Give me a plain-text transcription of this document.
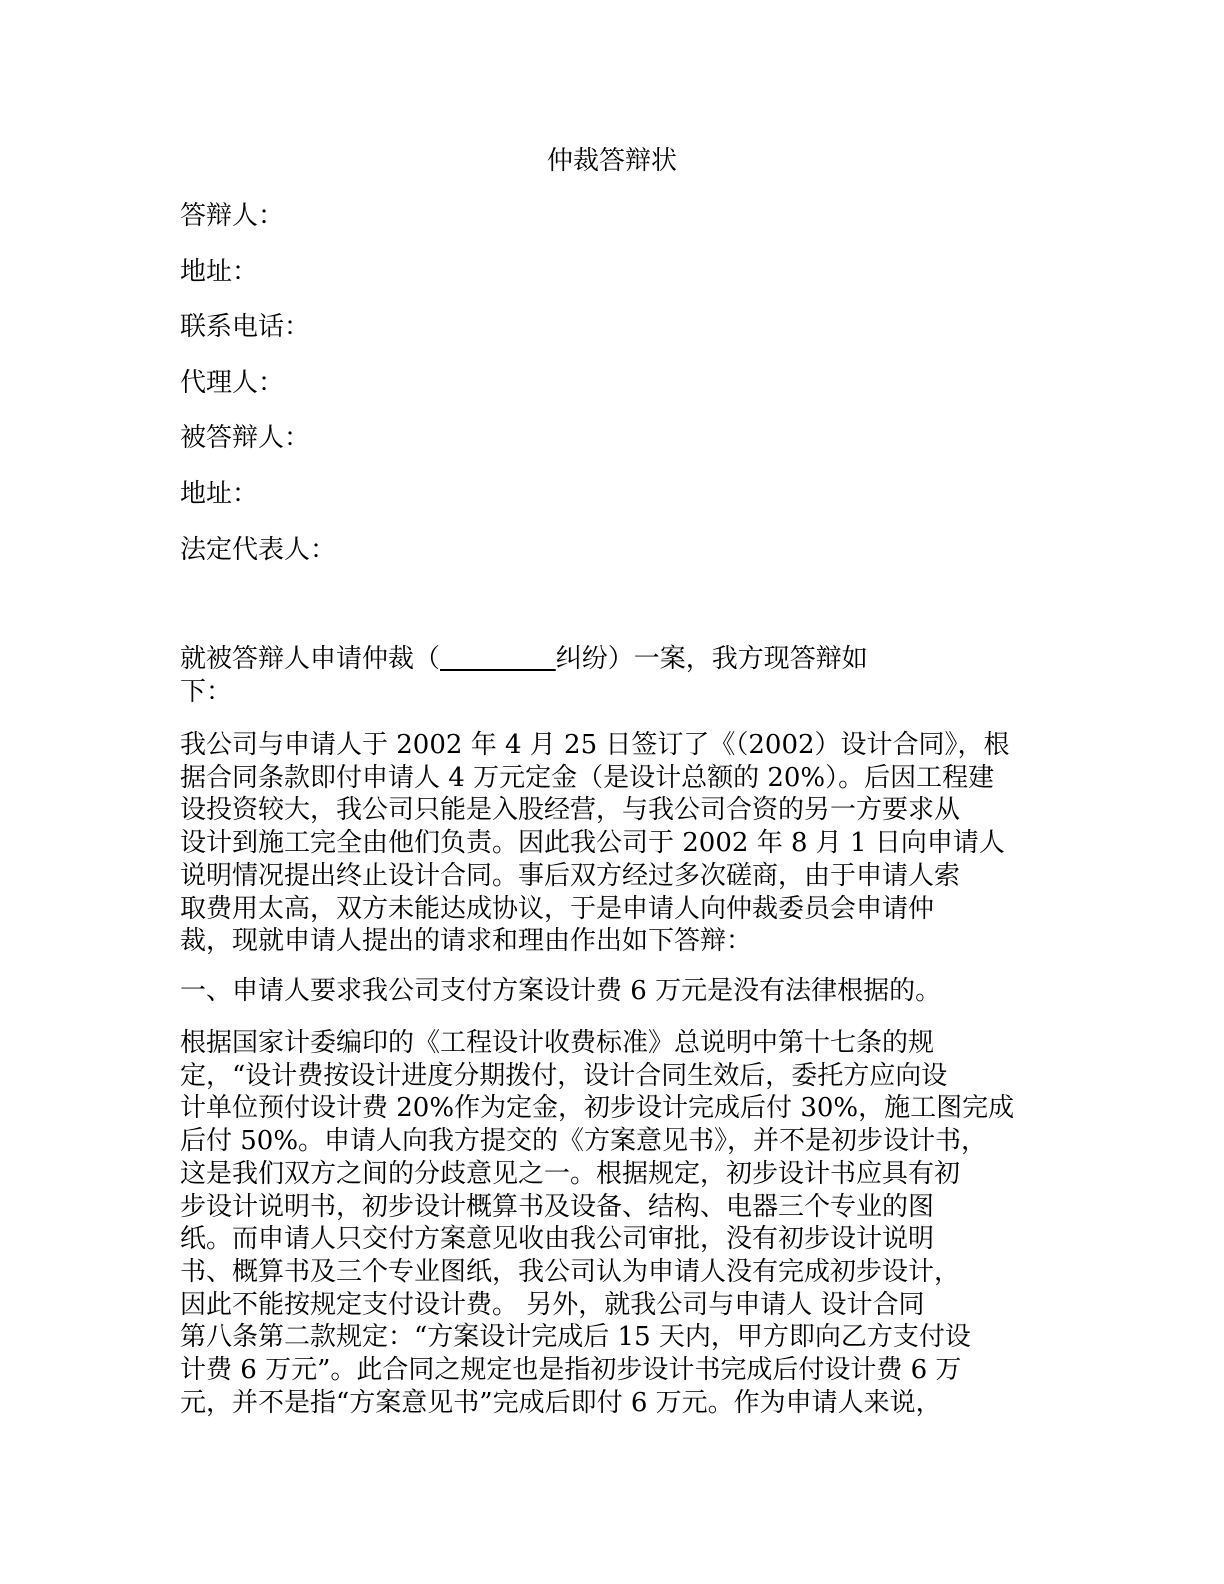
仲裁答辩状
答辩人：
地址：
联系电话：
代理人：
被答辩人：
地址：
法定代表人：
就被答辩人申请仲裁（	纠纷）一案，我方现答辩如
下：
我公司与申请人于 2002 年 4 月 25 日签订了《（2002）设计合同》，根
据合同条款即付申请人 4 万元定金（是设计总额的 20%）。后因工程建
设投资较大，我公司只能是入股经营，与我公司合资的另一方要求从
设计到施工完全由他们负责。因此我公司于 2002 年 8 月 1 日向申请人
说明情况提出终止设计合同。事后双方经过多次磋商，由于申请人索
取费用太高，双方未能达成协议，于是申请人向仲裁委员会申请仲
裁，现就申请人提出的请求和理由作出如下答辩：
一、申请人要求我公司支付方案设计费 6 万元是没有法律根据的。
根据国家计委编印的《工程设计收费标准》总说明中第十七条的规
定，“设计费按设计进度分期拨付，设计合同生效后，委托方应向设
计单位预付设计费 20%作为定金，初步设计完成后付 30%，施工图完成
后付 50%。申请人向我方提交的《方案意见书》，并不是初步设计书，
这是我们双方之间的分歧意见之一。根据规定，初步设计书应具有初
步设计说明书，初步设计概算书及设备、结构、电器三个专业的图
纸。而申请人只交付方案意见收由我公司审批，没有初步设计说明
书、概算书及三个专业图纸，我公司认为申请人没有完成初步设计，
因此不能按规定支付设计费。 另外，就我公司与申请人 设计合同
第八条第二款规定：“方案设计完成后 15 天内，甲方即向乙方支付设
计费 6 万元”。此合同之规定也是指初步设计书完成后付设计费 6 万
元，并不是指“方案意见书”完成后即付 6 万元。作为申请人来说，
